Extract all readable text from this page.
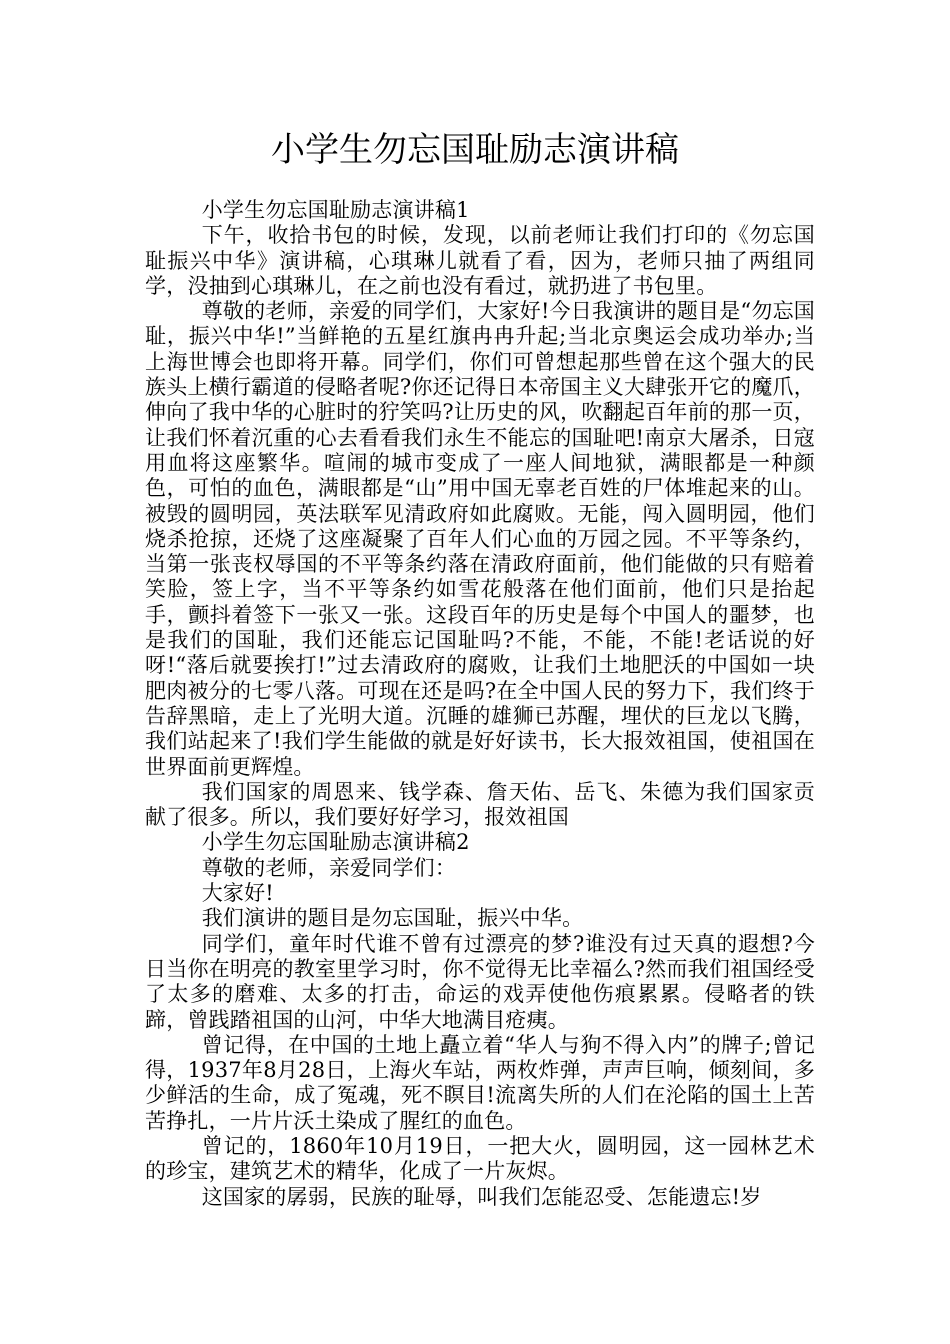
小学生勿忘国耻励志演讲稿

小学生勿忘国耻励志演讲稿1

下午，收拾书包的时候，发现，以前老师让我们打印的《勿忘国耻振兴中华》演讲稿，心琪琳儿就看了看，因为，老师只抽了两组同学，没抽到心琪琳儿，在之前也没有看过，就扔进了书包里。

尊敬的老师，亲爱的同学们，大家好!今日我演讲的题目是“勿忘国耻，振兴中华!”当鲜艳的五星红旗冉冉升起;当北京奥运会成功举办;当上海世博会也即将开幕。同学们，你们可曾想起那些曾在这个强大的民族头上横行霸道的侵略者呢?你还记得日本帝国主义大肆张开它的魔爪，伸向了我中华的心脏时的狞笑吗?让历史的风，吹翻起百年前的那一页，让我们怀着沉重的心去看看我们永生不能忘的国耻吧!南京大屠杀，日寇用血将这座繁华。喧闹的城市变成了一座人间地狱，满眼都是一种颜色，可怕的血色，满眼都是“山”用中国无辜老百姓的尸体堆起来的山。被毁的圆明园，英法联军见清政府如此腐败。无能，闯入圆明园，他们烧杀抢掠，还烧了这座凝聚了百年人们心血的万园之园。不平等条约，当第一张丧权辱国的不平等条约落在清政府面前，他们能做的只有赔着笑脸，签上字，当不平等条约如雪花般落在他们面前，他们只是抬起手，颤抖着签下一张又一张。这段百年的历史是每个中国人的噩梦，也是我们的国耻，我们还能忘记国耻吗?不能，不能，不能!老话说的好呀!“落后就要挨打!”过去清政府的腐败，让我们土地肥沃的中国如一块肥肉被分的七零八落。可现在还是吗?在全中国人民的努力下，我们终于告辞黑暗，走上了光明大道。沉睡的雄狮已苏醒，埋伏的巨龙以飞腾，我们站起来了!我们学生能做的就是好好读书，长大报效祖国，使祖国在世界面前更辉煌。

我们国家的周恩来、钱学森、詹天佑、岳飞、朱德为我们国家贡献了很多。所以，我们要好好学习，报效祖国

小学生勿忘国耻励志演讲稿2

尊敬的老师，亲爱同学们：

大家好!

我们演讲的题目是勿忘国耻，振兴中华。

同学们，童年时代谁不曾有过漂亮的梦?谁没有过天真的遐想?今日当你在明亮的教室里学习时，你不觉得无比幸福么?然而我们祖国经受了太多的磨难、太多的打击，命运的戏弄使他伤痕累累。侵略者的铁蹄，曾践踏祖国的山河，中华大地满目疮痍。

曾记得，在中国的土地上矗立着“华人与狗不得入内”的牌子;曾记得，1937年8月28日，上海火车站，两枚炸弹，声声巨响，倾刻间，多少鲜活的生命，成了冤魂，死不瞑目!流离失所的人们在沦陷的国土上苦苦挣扎，一片片沃土染成了腥红的血色。

曾记的，1860年10月19日，一把大火，圆明园，这一园林艺术的珍宝，建筑艺术的精华，化成了一片灰烬。

这国家的孱弱，民族的耻辱，叫我们怎能忍受、怎能遗忘!岁
